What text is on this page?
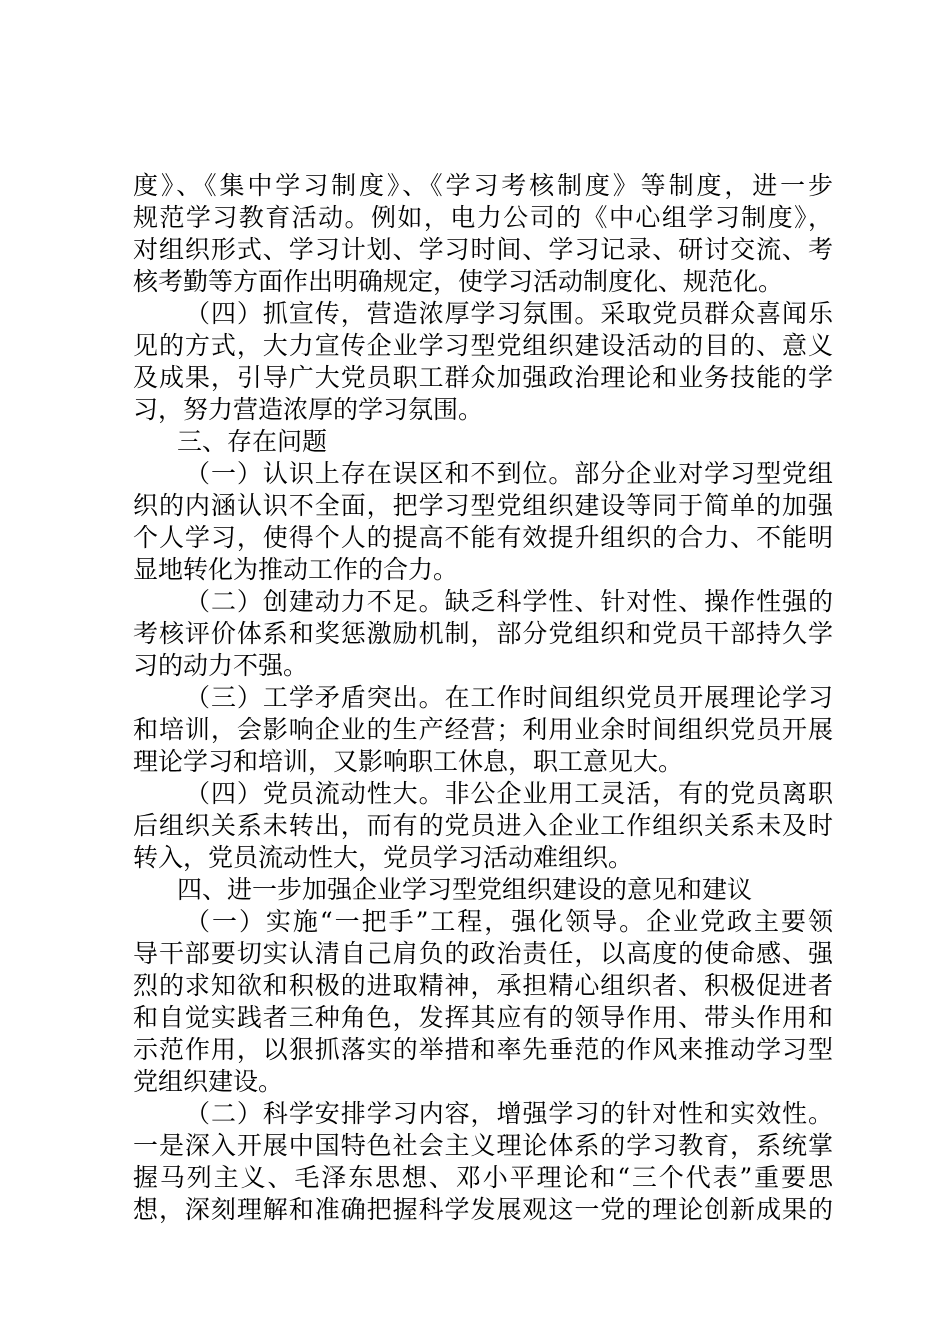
度》、《集中学习制度》、《学习考核制度》等制度，进一步
规范学习教育活动。例如，电力公司的《中心组学习制度》，
对组织形式、学习计划、学习时间、学习记录、研讨交流、考
核考勤等方面作出明确规定，使学习活动制度化、规范化。
（四）抓宣传，营造浓厚学习氛围。采取党员群众喜闻乐
见的方式，大力宣传企业学习型党组织建设活动的目的、意义
及成果，引导广大党员职工群众加强政治理论和业务技能的学
习，努力营造浓厚的学习氛围。
三、存在问题
（一）认识上存在误区和不到位。部分企业对学习型党组
织的内涵认识不全面，把学习型党组织建设等同于简单的加强
个人学习，使得个人的提高不能有效提升组织的合力、不能明
显地转化为推动工作的合力。
（二）创建动力不足。缺乏科学性、针对性、操作性强的
考核评价体系和奖惩激励机制，部分党组织和党员干部持久学
习的动力不强。
（三）工学矛盾突出。在工作时间组织党员开展理论学习
和培训，会影响企业的生产经营；利用业余时间组织党员开展
理论学习和培训，又影响职工休息，职工意见大。
（四）党员流动性大。非公企业用工灵活，有的党员离职
后组织关系未转出，而有的党员进入企业工作组织关系未及时
转入，党员流动性大，党员学习活动难组织。
四、进一步加强企业学习型党组织建设的意见和建议
（一）实施“一把手”工程，强化领导。企业党政主要领
导干部要切实认清自己肩负的政治责任，以高度的使命感、强
烈的求知欲和积极的进取精神，承担精心组织者、积极促进者
和自觉实践者三种角色，发挥其应有的领导作用、带头作用和
示范作用，以狠抓落实的举措和率先垂范的作风来推动学习型
党组织建设。
（二）科学安排学习内容，增强学习的针对性和实效性。
一是深入开展中国特色社会主义理论体系的学习教育，系统掌
握马列主义、毛泽东思想、邓小平理论和“三个代表”重要思
想，深刻理解和准确把握科学发展观这一党的理论创新成果的
